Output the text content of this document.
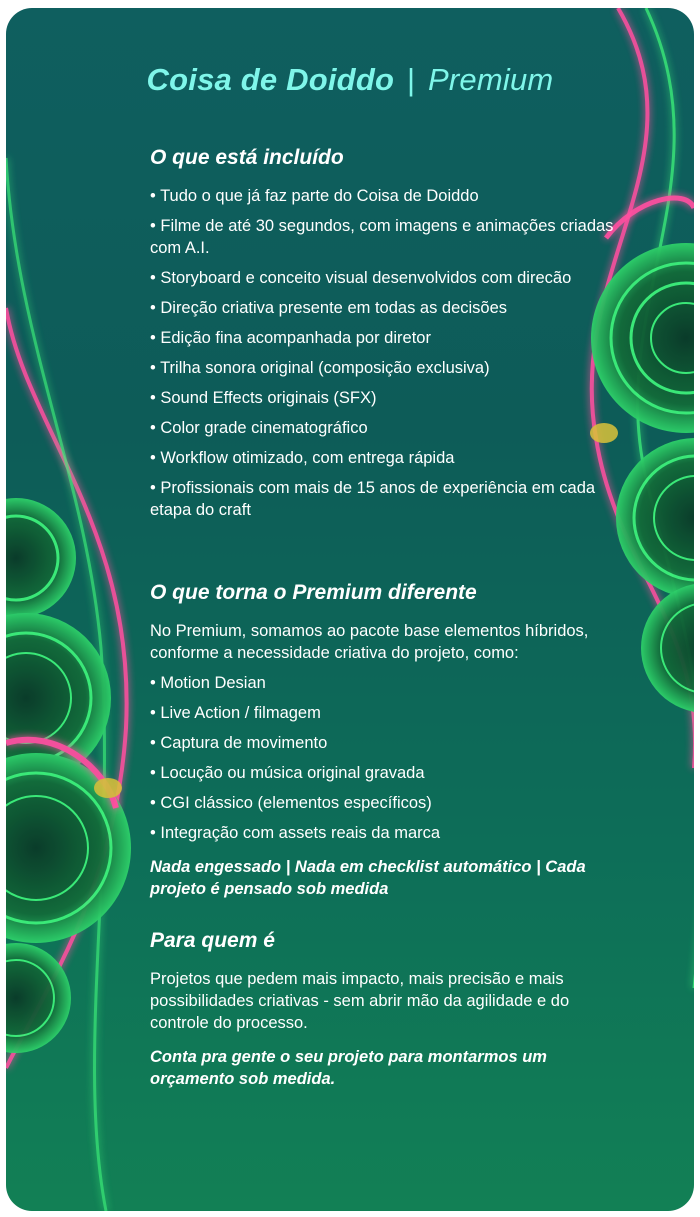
Coisa de Doiddo | Premium
O que está incluído
• Tudo o que já faz parte do Coisa de Doiddo
• Filme de até 30 segundos, com imagens e animações criadas com A.I.
• Storyboard e conceito visual desenvolvidos com direcão
• Direção criativa presente em todas as decisões
• Edição fina acompanhada por diretor
• Trilha sonora original (composição exclusiva)
• Sound Effects originais (SFX)
• Color grade cinematográfico
• Workflow otimizado, com entrega rápida
• Profissionais com mais de 15 anos de experiência em cada etapa do craft
O que torna o Premium diferente

No Premium, somamos ao pacote base elementos híbridos, conforme a necessidade criativa do projeto, como:

• Motion Desian
• Live Action / filmagem
• Captura de movimento
• Locução ou música original gravada
• CGI clássico (elementos específicos)
• Integração com assets reais da marca

Nada engessado | Nada em checklist automático | Cada projeto é pensado sob medida

Para quem é

Projetos que pedem mais impacto, mais precisão e mais possibilidades criativas - sem abrir mão da agilidade e do controle do processo.

Conta pra gente o seu projeto para montarmos um orçamento sob medida.
